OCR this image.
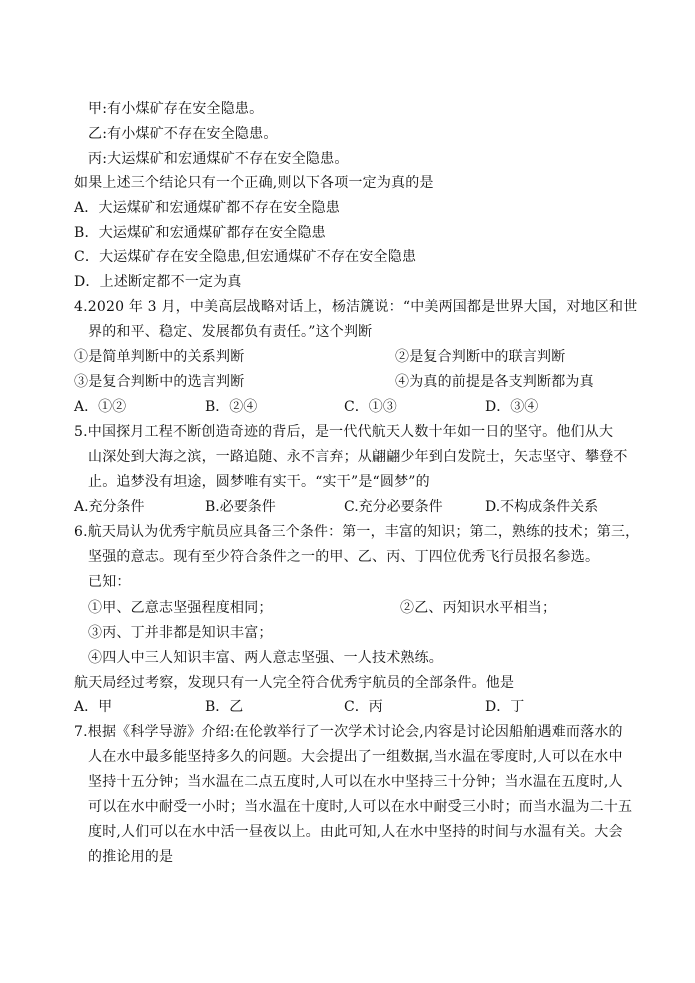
甲:有小煤矿存在安全隐患。
乙:有小煤矿不存在安全隐患。
丙:大运煤矿和宏通煤矿不存在安全隐患。
如果上述三个结论只有一个正确,则以下各项一定为真的是
A．大运煤矿和宏通煤矿都不存在安全隐患
B．大运煤矿和宏通煤矿都存在安全隐患
C．大运煤矿存在安全隐患,但宏通煤矿不存在安全隐患
D．上述断定都不一定为真
4.2020 年 3 月，中美高层战略对话上，杨洁篪说：“中美两国都是世界大国，对地区和世
界的和平、稳定、发展都负有责任。”这个判断
①是简单判断中的关系判断	②是复合判断中的联言判断
③是复合判断中的选言判断	④为真的前提是各支判断都为真
A．①②	B．②④	C．①③	D．③④
5.中国探月工程不断创造奇迹的背后，是一代代航天人数十年如一日的坚守。他们从大
山深处到大海之滨，一路追随、永不言弃；从翩翩少年到白发院士，矢志坚守、攀登不
止。追梦没有坦途，圆梦唯有实干。“实干”是“圆梦”的
A.充分条件	B.必要条件	C.充分必要条件	D.不构成条件关系
6.航天局认为优秀宇航员应具备三个条件：第一，丰富的知识；第二，熟练的技术；第三，
坚强的意志。现有至少符合条件之一的甲、乙、丙、丁四位优秀飞行员报名参选。
已知：
①甲、乙意志坚强程度相同；	②乙、丙知识水平相当；
③丙、丁并非都是知识丰富；
④四人中三人知识丰富、两人意志坚强、一人技术熟练。
航天局经过考察，发现只有一人完全符合优秀宇航员的全部条件。他是
A．甲	B．乙	C．丙	D．丁
7.根据《科学导游》介绍:在伦敦举行了一次学术讨论会,内容是讨论因船舶遇难而落水的
人在水中最多能坚持多久的问题。大会提出了一组数据,当水温在零度时,人可以在水中
坚持十五分钟；当水温在二点五度时,人可以在水中坚持三十分钟；当水温在五度时,人
可以在水中耐受一小时；当水温在十度时,人可以在水中耐受三小时；而当水温为二十五
度时,人们可以在水中活一昼夜以上。由此可知,人在水中坚持的时间与水温有关。大会
的推论用的是
